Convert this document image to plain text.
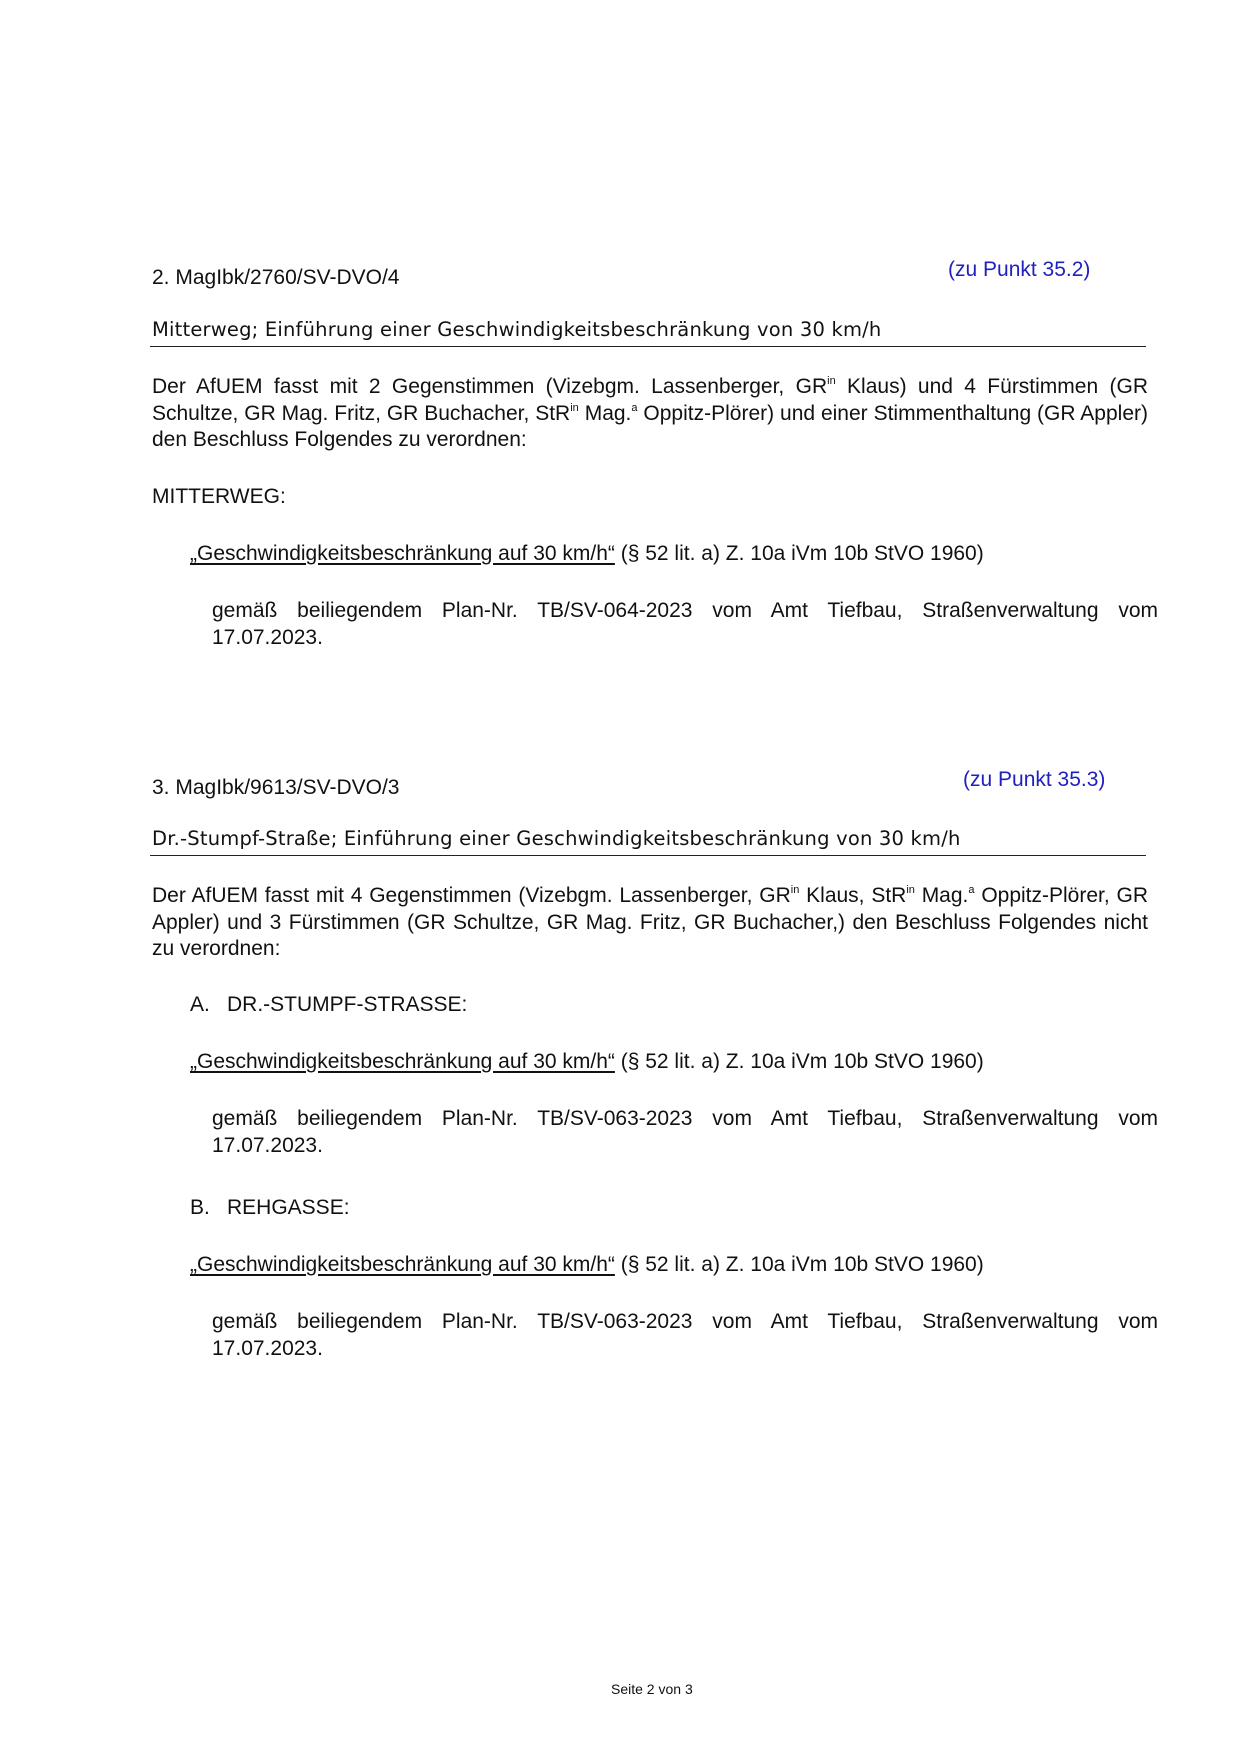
2. MagIbk/2760/SV-DVO/4	(zu Punkt 35.2)
Mitterweg; Einführung einer Geschwindigkeitsbeschränkung von 30 km/h
Der AfUEM fasst mit 2 Gegenstimmen (Vizebgm. Lassenberger, $GR^{in}$ Klaus) und 4 Fürstimmen (GR Schultze, GR Mag. Fritz, GR Buchacher, StR$^{in}$ Mag.$^a$ Oppitz-Plörer) und einer Stimmenthaltung (GR Appler) den Beschluss Folgendes zu verordnen:
MITTERWEG:
„Geschwindigkeitsbeschränkung auf 30 km/h“ (§ 52 lit. a) Z. 10a iVm 10b StVO 1960)
gemäß beiliegendem Plan-Nr. TB/SV-064-2023 vom Amt Tiefbau, Straßenverwaltung vom 17.07.2023.
3. MagIbk/9613/SV-DVO/3	(zu Punkt 35.3)
Dr.-Stumpf-Straße; Einführung einer Geschwindigkeitsbeschränkung von 30 km/h
Der AfUEM fasst mit 4 Gegenstimmen (Vizebgm. Lassenberger, $GR^{in}$ Klaus, StR$^{in}$ Mag.$^a$ Oppitz-Plörer, GR Appler) und 3 Fürstimmen (GR Schultze, GR Mag. Fritz, GR Buchacher,) den Beschluss Folgendes nicht zu verordnen:
A. DR.-STUMPF-STRASSE:
„Geschwindigkeitsbeschränkung auf 30 km/h“ (§ 52 lit. a) Z. 10a iVm 10b StVO 1960)
gemäß beiliegendem Plan-Nr. TB/SV-063-2023 vom Amt Tiefbau, Straßenverwaltung vom 17.07.2023.
B. REHGASSE:
„Geschwindigkeitsbeschränkung auf 30 km/h“ (§ 52 lit. a) Z. 10a iVm 10b StVO 1960)
gemäß beiliegendem Plan-Nr. TB/SV-063-2023 vom Amt Tiefbau, Straßenverwaltung vom 17.07.2023.
Seite 2 von 3
